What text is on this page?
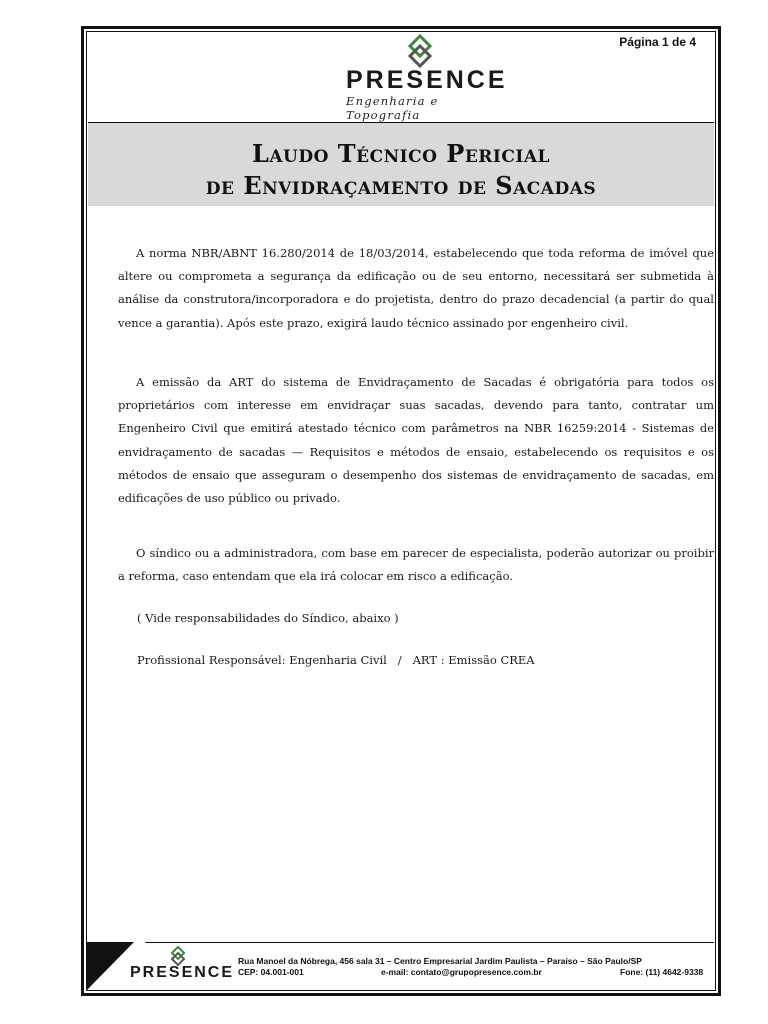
Página 1 de 4
PRESENCE
Engenharia e Topografia
Laudo Técnico Pericial
de Envidraçamento de Sacadas

A norma NBR/ABNT 16.280/2014 de 18/03/2014, estabelecendo que toda reforma de imóvel que altere ou comprometa a segurança da edificação ou de seu entorno, necessitará ser submetida à análise da construtora/incorporadora e do projetista, dentro do prazo decadencial (a partir do qual vence a garantia). Após este prazo, exigirá laudo técnico assinado por engenheiro civil.

A emissão da ART do sistema de Envidraçamento de Sacadas é obrigatória para todos os proprietários com interesse em envidraçar suas sacadas, devendo para tanto, contratar um Engenheiro Civil que emitirá atestado técnico com parâmetros na NBR 16259:2014 - Sistemas de envidraçamento de sacadas — Requisitos e métodos de ensaio, estabelecendo os requisitos e os métodos de ensaio que asseguram o desempenho dos sistemas de envidraçamento de sacadas, em edificações de uso público ou privado.

O síndico ou a administradora, com base em parecer de especialista, poderão autorizar ou proibir a reforma, caso entendam que ela irá colocar em risco a edificação.

( Vide responsabilidades do Síndico, abaixo )

Profissional Responsável: Engenharia Civil   /   ART : Emissão CREA

PRESENCE
Rua Manoel da Nóbrega, 456 sala 31 – Centro Empresarial Jardim Paulista – Paraíso – São Paulo/SP
CEP: 04.001-001	e-mail: contato@grupopresence.com.br	Fone: (11) 4642-9338
